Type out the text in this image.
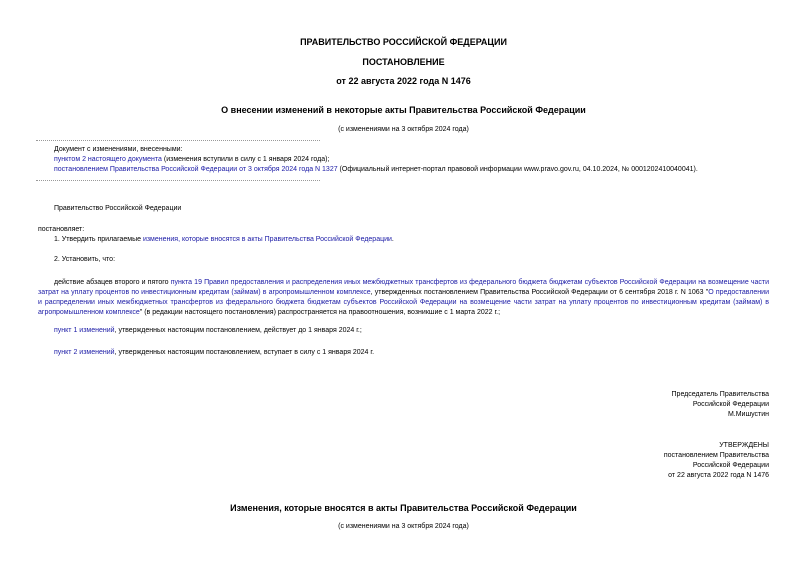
ПРАВИТЕЛЬСТВО РОССИЙСКОЙ ФЕДЕРАЦИИ
ПОСТАНОВЛЕНИЕ
от 22 августа 2022 года N 1476
О внесении изменений в некоторые акты Правительства Российской Федерации
(с изменениями на 3 октября 2024 года)
Документ с изменениями, внесенными:
пунктом 2 настоящего документа (изменения вступили в силу с 1 января 2024 года);
постановлением Правительства Российской Федерации от 3 октября 2024 года N 1327 (Официальный интернет-портал правовой информации www.pravo.gov.ru, 04.10.2024, № 0001202410040041).
Правительство Российской Федерации
постановляет:
1. Утвердить прилагаемые изменения, которые вносятся в акты Правительства Российской Федерации.
2. Установить, что:
действие абзацев второго и пятого пункта 19 Правил предоставления и распределения иных межбюджетных трансфертов из федерального бюджета бюджетам субъектов Российской Федерации на возмещение части затрат на уплату процентов по инвестиционным кредитам (займам) в агропромышленном комплексе, утвержденных постановлением Правительства Российской Федерации от 6 сентября 2018 г. N 1063 "О предоставлении и распределении иных межбюджетных трансфертов из федерального бюджета бюджетам субъектов Российской Федерации на возмещение части затрат на уплату процентов по инвестиционным кредитам (займам) в агропромышленном комплексе" (в редакции настоящего постановления) распространяется на правоотношения, возникшие с 1 марта 2022 г.;
пункт 1 изменений, утвержденных настоящим постановлением, действует до 1 января 2024 г.;
пункт 2 изменений, утвержденных настоящим постановлением, вступает в силу с 1 января 2024 г.
Председатель Правительства
Российской Федерации
М.Мишустин
УТВЕРЖДЕНЫ
постановлением Правительства
Российской Федерации
от 22 августа 2022 года N 1476
Изменения, которые вносятся в акты Правительства Российской Федерации
(с изменениями на 3 октября 2024 года)
